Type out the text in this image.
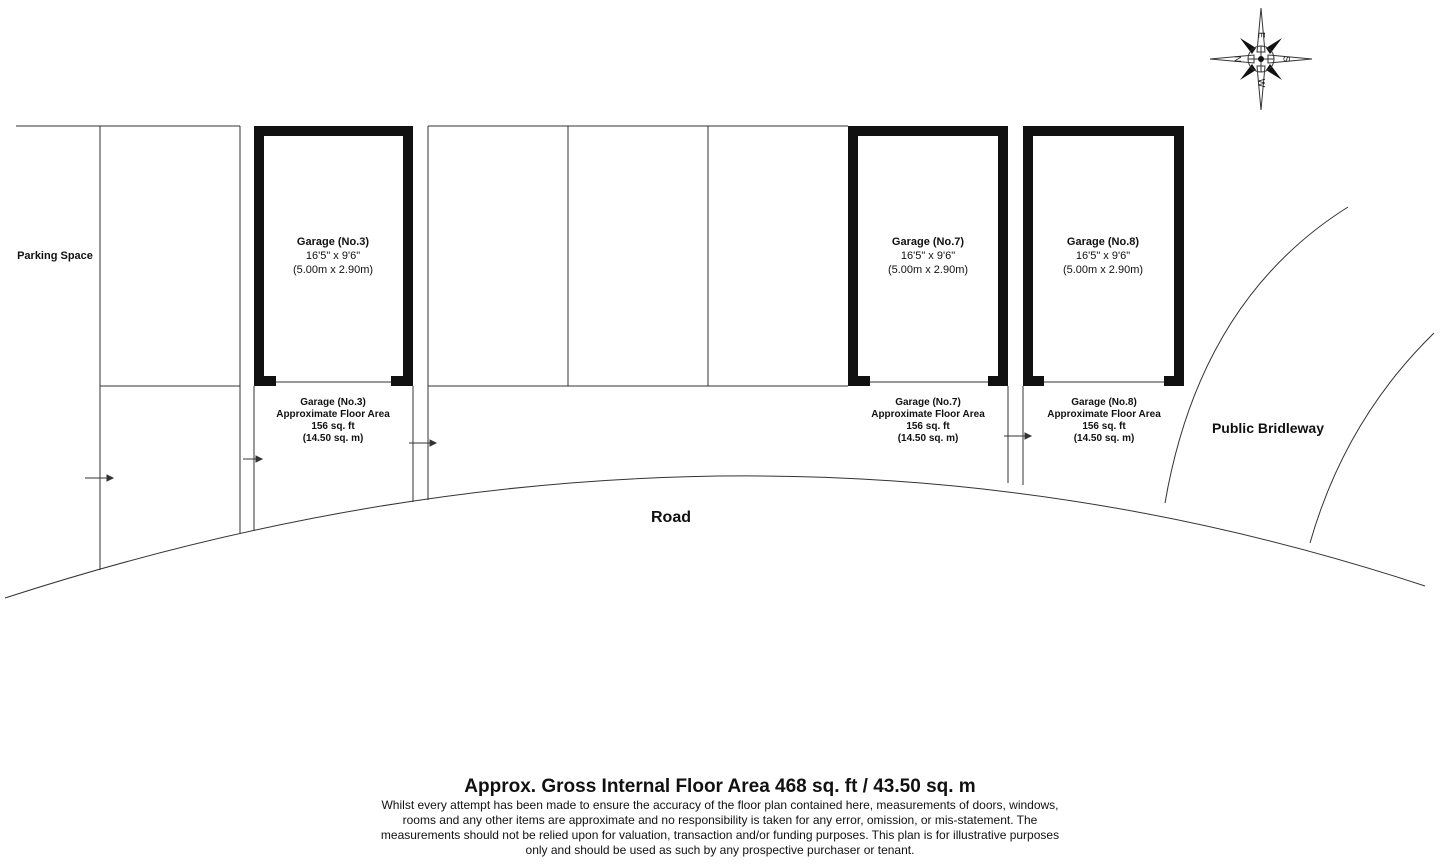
N	S
E
W
Parking Space
Road
Public Bridleway
Garage (No.3)
16'5" x 9'6"
(5.00m x 2.90m)
Garage (No.7)
16'5" x 9'6"
(5.00m x 2.90m)
Garage (No.8)
16'5" x 9'6"
(5.00m x 2.90m)
Garage (No.3)
Approximate Floor Area
156 sq. ft
(14.50 sq. m)
Garage (No.7)
Approximate Floor Area
156 sq. ft
(14.50 sq. m)
Garage (No.8)
Approximate Floor Area
156 sq. ft
(14.50 sq. m)
Approx. Gross Internal Floor Area 468 sq. ft / 43.50 sq. m
Whilst every attempt has been made to ensure the accuracy of the floor plan contained here, measurements of doors, windows,
rooms and any other items are approximate and no responsibility is taken for any error, omission, or mis-statement. The
measurements should not be relied upon for valuation, transaction and/or funding purposes. This plan is for illustrative purposes
only and should be used as such by any prospective purchaser or tenant.
